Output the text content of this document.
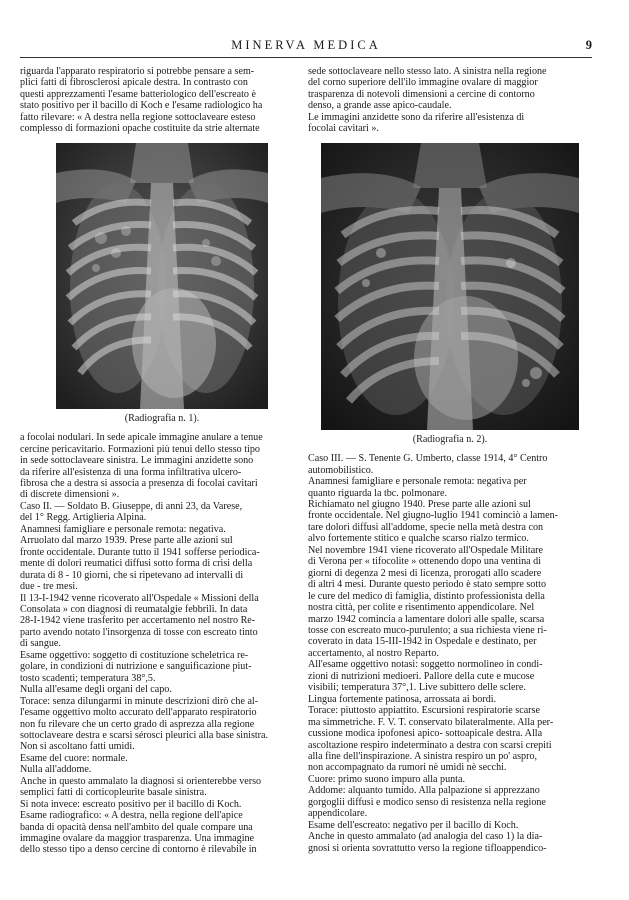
MINERVA MEDICA	9
riguarda l'apparato respiratorio si potrebbe pensare a sem-
plici fatti di fibrosclerosi apicale destra. In contrasto con
questi apprezzamenti l'esame batteriologico dell'escreato è
stato positivo per il bacillo di Koch e l'esame radiologico ha
fatto rilevare: « A destra nella regione sottoclaveare esteso
complesso di formazioni opache costituite da strie alternate
(Radiografia n. 1).
a focolai nodulari. In sede apicale immagine anulare a tenue
cercine pericavitario. Formazioni più tenui dello stesso tipo
in sede sottoclaveare sinistra. Le immagini anzidette sono
da riferire all'esistenza di una forma infiltrativa ulcero-
fibrosa che a destra si associa a presenza di focolai cavitari
di discrete dimensioni ».
Caso II. — Soldato B. Giuseppe, di anni 23, da Varese,
del 1° Regg. Artiglieria Alpina.
Anamnesi famigliare e personale remota: negativa.
Arruolato dal marzo 1939. Prese parte alle azioni sul
fronte occidentale. Durante tutto il 1941 sofferse periodica-
mente di dolori reumatici diffusi sotto forma di crisi della
durata di 8 - 10 giorni, che si ripetevano ad intervalli di
due - tre mesi.
Il 13-I-1942 venne ricoverato all'Ospedale « Missioni della
Consolata » con diagnosi di reumatalgie febbrili. In data
28-I-1942 viene trasferito per accertamento nel nostro Re-
parto avendo notato l'insorgenza di tosse con escreato tinto
di sangue.
Esame oggettivo: soggetto di costituzione scheletrica re-
golare, in condizioni di nutrizione e sanguificazione piut-
tosto scadenti; temperatura 38°,5.
Nulla all'esame degli organi del capo.
Torace: senza dilungarmi in minute descrizioni dirò che al-
l'esame oggettivo molto accurato dell'apparato respiratorio
non fu rilevare che un certo grado di asprezza alla regione
sottoclaveare destra e scarsi sérosci pleurici alla base sinistra.
Non si ascoltano fatti umidi.
Esame del cuore: normale.
Nulla all'addome.
Anche in questo ammalato la diagnosi si orienterebbe verso
semplici fatti di corticopleurite basale sinistra.
Si nota invece: escreato positivo per il bacillo di Koch.
Esame radiografico: « A destra, nella regione dell'apice
banda di opacità densa nell'ambito del quale compare una
immagine ovalare da maggior trasparenza. Una immagine
dello stesso tipo a denso cercine di contorno è rilevabile in
sede sottoclaveare nello stesso lato. A sinistra nella regione
del corno superiore dell'ilo immagine ovalare di maggior
trasparenza di notevoli dimensioni a cercine di contorno
denso, a grande asse apico-caudale.
Le immagini anzidette sono da riferire all'esistenza di
focolai cavitari ».
(Radiografia n. 2).
Caso III. — S. Tenente G. Umberto, classe 1914, 4° Centro
automobilistico.
Anamnesi famigliare e personale remota: negativa per
quanto riguarda la tbc. polmonare.
Richiamato nel giugno 1940. Prese parte alle azioni sul
fronte occidentale. Nel giugno-luglio 1941 cominciò a lamen-
tare dolori diffusi all'addome, specie nella metà destra con
alvo fortemente stitico e qualche scarso rialzo termico.
Nel novembre 1941 viene ricoverato all'Ospedale Militare
di Verona per « tifocolite » ottenendo dopo una ventina di
giorni di degenza 2 mesi di licenza, prorogati allo scadere
di altri 4 mesi. Durante questo periodo è stato sempre sotto
le cure del medico di famiglia, distinto professionista della
nostra città, per colite e risentimento appendicolare. Nel
marzo 1942 comincia a lamentare dolori alle spalle, scarsa
tosse con escreato muco-purulento; a sua richiesta viene ri-
coverato in data 15-III-1942 in Ospedale e destinato, per
accertamento, al nostro Reparto.
All'esame oggettivo notasi: soggetto normolineo in condi-
zioni di nutrizioni medioeri. Pallore della cute e mucose
visibili; temperatura 37°,1. Live subittero delle sclere.
Lingua fortemente patinosa, arrossata ai bordi.
Torace: piuttosto appiattito. Escursioni respiratorie scarse
ma simmetriche. F. V. T. conservato bilateralmente. Alla per-
cussione modica ipofonesi apico- sottoapicale destra. Alla
ascoltazione respiro indeterminato a destra con scarsi crepiti
alla fine dell'inspirazione. A sinistra respiro un po' aspro,
non accompagnato da rumori nè umidi nè secchi.
Cuore: primo suono impuro alla punta.
Addome: alquanto tumido. Alla palpazione si apprezzano
gorgoglii diffusi e modico senso di resistenza nella regione
appendicolare.
Esame dell'escreato: negativo per il bacillo di Koch.
Anche in questo ammalato (ad analogia del caso 1) la dia-
gnosi si orienta sovrattutto verso la regione tifloappendico-
